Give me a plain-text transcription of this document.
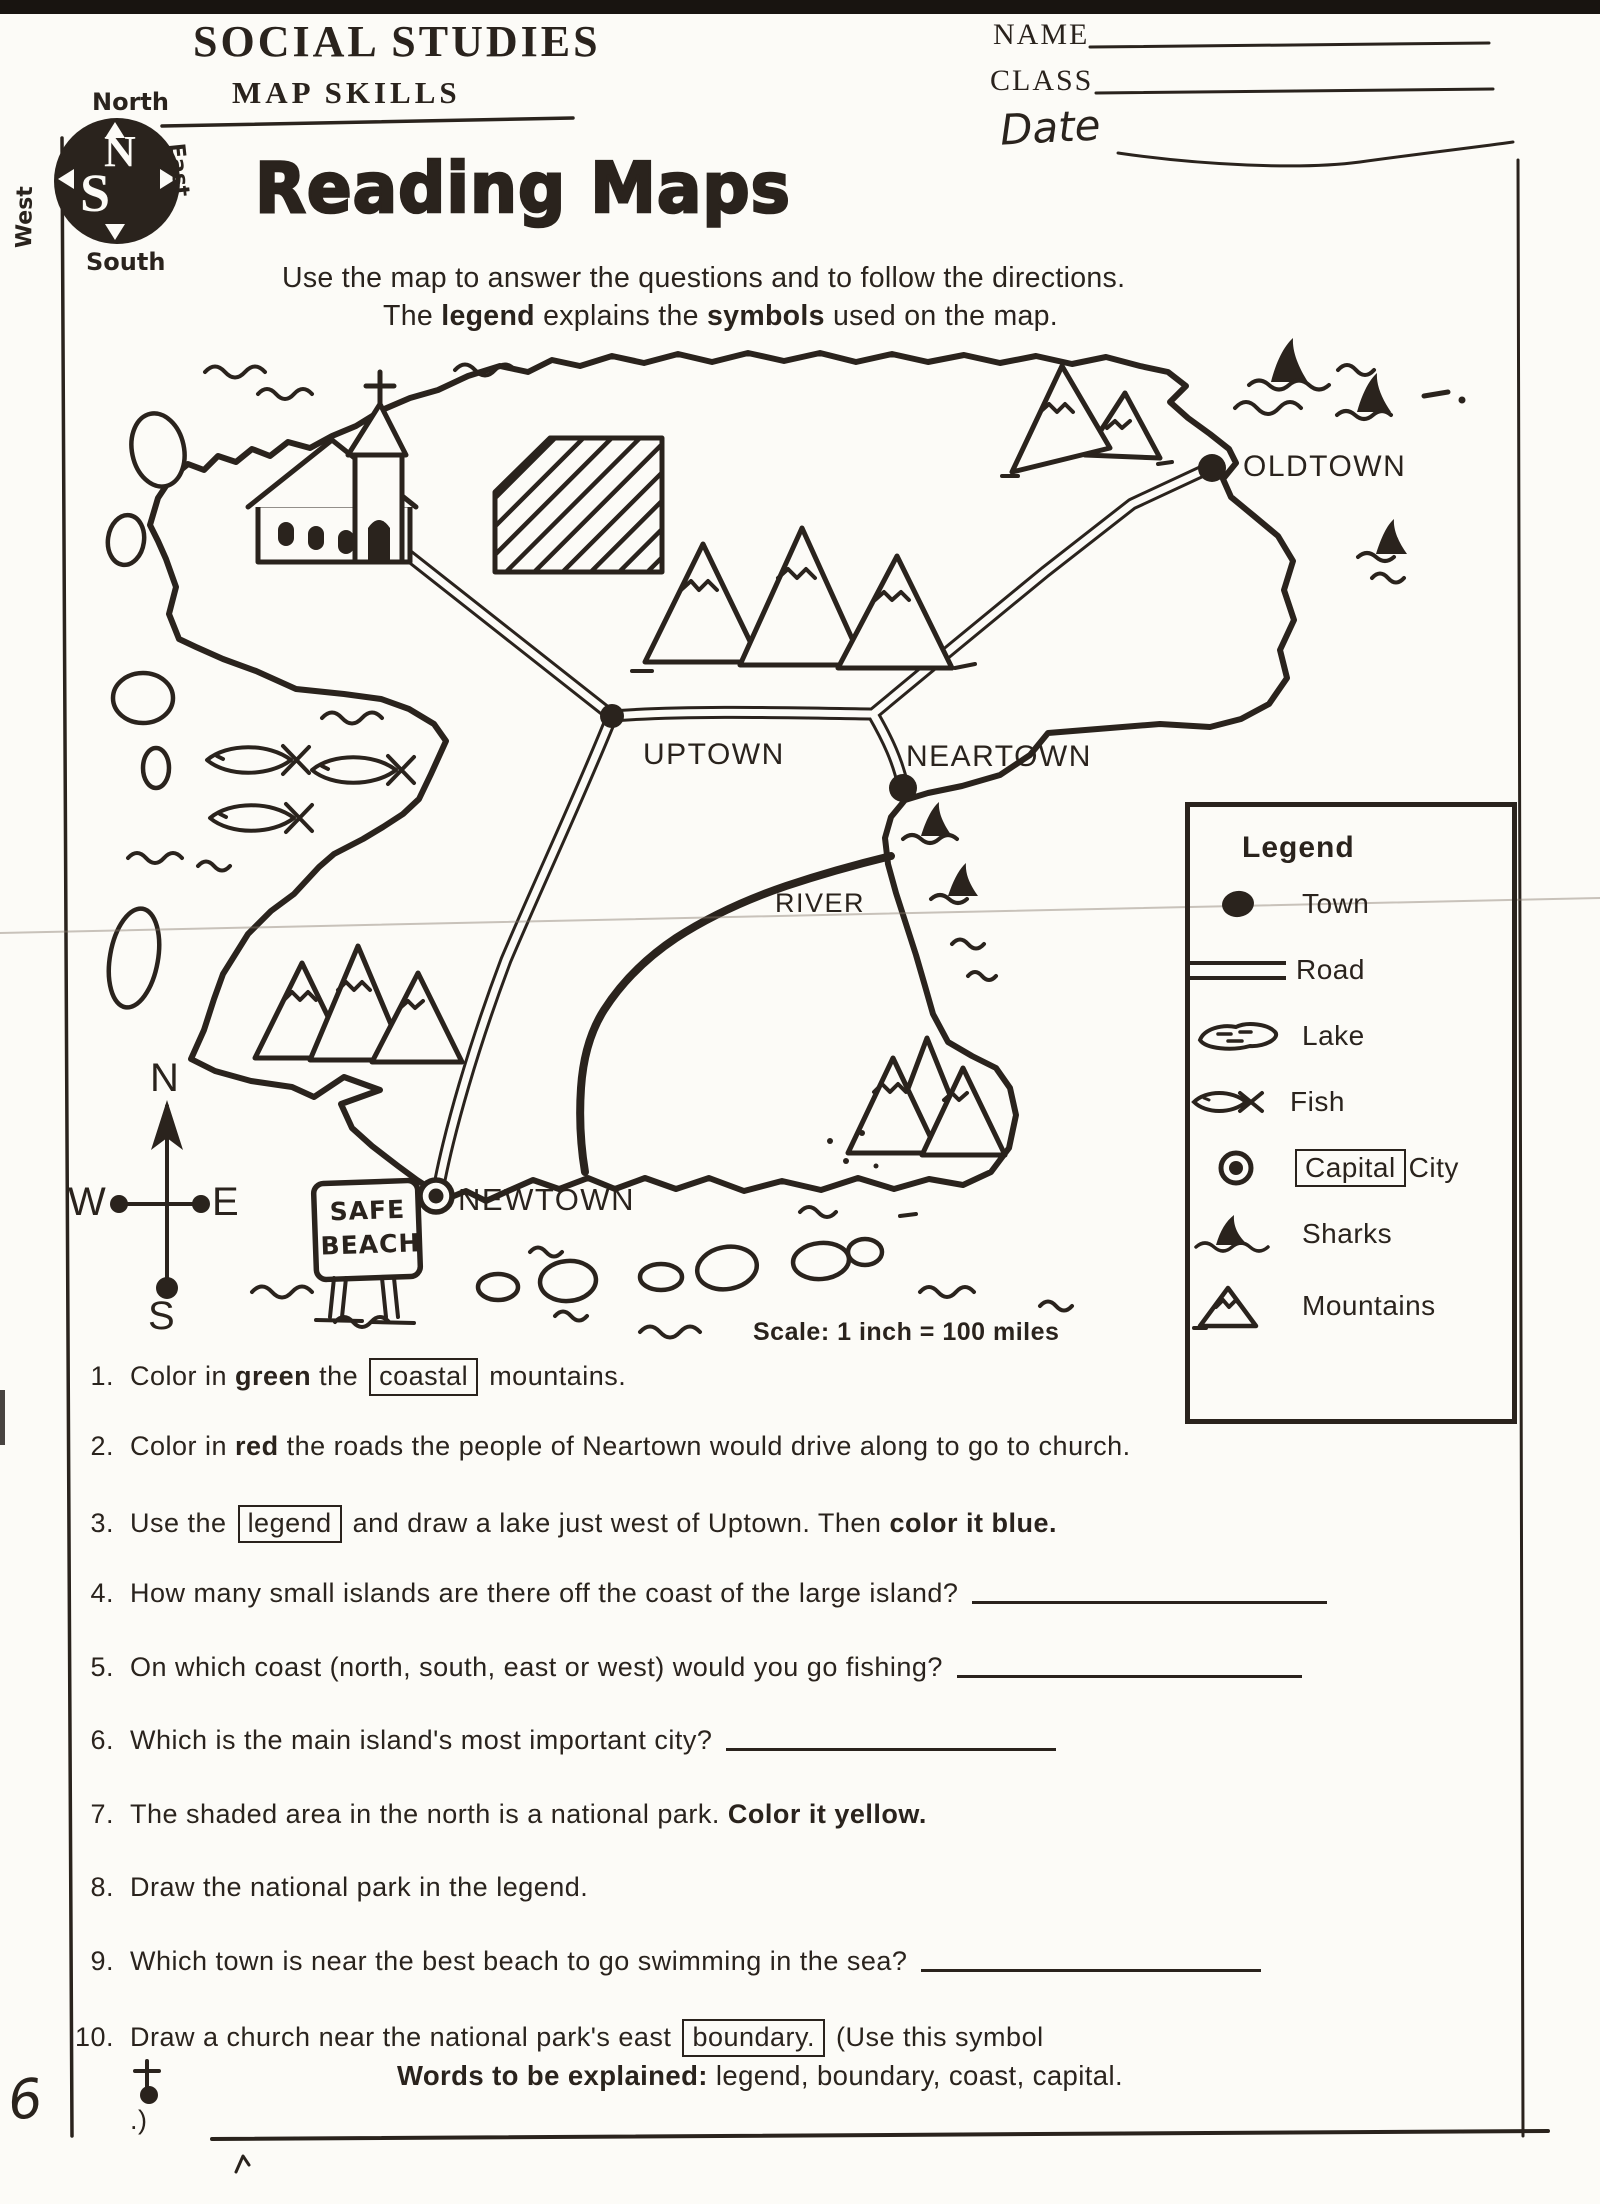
SOCIAL STUDIES
MAP SKILLS
NAME
CLASS
Date
N
S
North
South
East
West	Reading Maps
Use the map to answer the questions and to follow the directions.
The legend explains the symbols used on the map.
OLDTOWN
UPTOWN	NEARTOWN
NEWTOWN
RIVER
Scale: 1 inch = 100 miles
SAFE
BEACH
N
W	E
S
Legend
Town
Road
Lake
Fish
Capital City
Sharks
Mountains
1. Color in green the coastal mountains.
2. Color in red the roads the people of Neartown would drive along to go to church.
3. Use the legend and draw a lake just west of Uptown. Then color it blue.
4. How many small islands are there off the coast of the large island?
5. On which coast (north, south, east or west) would you go fishing?
6. Which is the main island's most important city?
7. The shaded area in the north is a national park. Color it yellow.
8. Draw the national park in the legend.
9. Which town is near the best beach to go swimming in the sea?
10. Draw a church near the national park's east boundary. (Use this symbol
.)
Words to be explained: legend, boundary, coast, capital.
6
